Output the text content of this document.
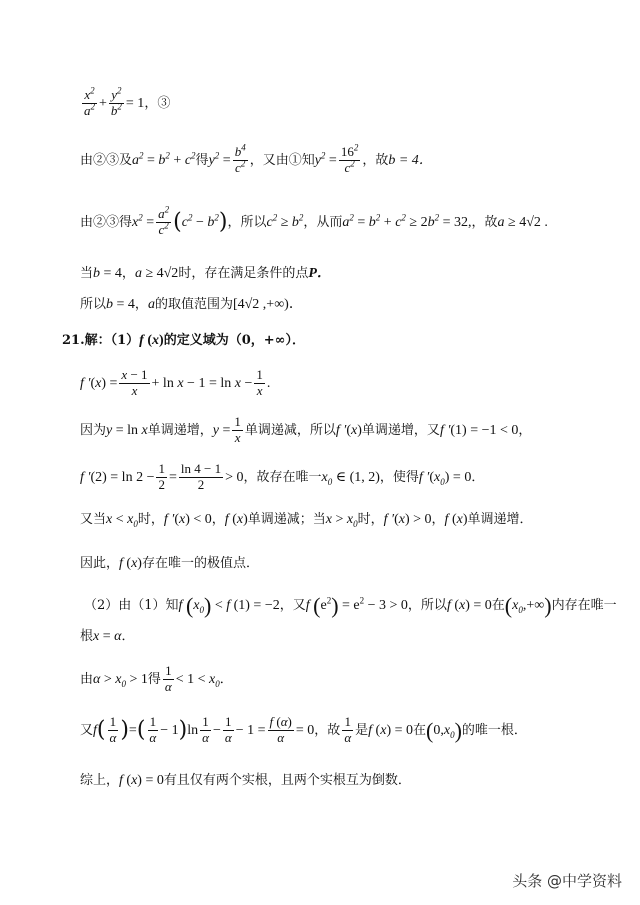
$\frac{x^2}{a^2} + \frac{y^2}{b^2} = 1$，③
由②③及$a^2 = b^2 + c^2$得$y^2 = \frac{b^4}{c^2}$ ，又由①知$y^2 = \frac{16^2}{c^2}$ ，故b = 4．
由②③得$x^2 = \frac{a^2}{c^2} (c^2 - b^2)$，所以$c^2 \ge b^2$，从而$a^2 = b^2 + c^2 \ge 2b^2 = 32$,，故a ≥ 4√2 .
当b = 4，a ≥ 4√2时，存在满足条件的点P．
所以b = 4，a的取值范围为[4√2 ,+∞)．
21.解：（1）f (x)的定义域为（0，+∞）．
f $'(x) = \frac{x - 1}{x} + \ln x - 1 = \ln x - \frac{1}{x}$ .
因为y = ln x单调递增，$y = \frac{1}{x}$ 单调递减，所以f ′(x)单调递增，又f ′(1) = −1 < 0，
f $'(2) = \ln 2 - \frac{1}{2} = \frac{\ln 4 - 1}{2} > 0$，故存在唯一$x_0$ ∈ (1, 2)，使得f $'(x_0) = 0$．
又当$x < x_0$时，f ′(x) < 0，f (x)单调递减；当$x > x_0$时，f ′(x) > 0，f (x)单调递增．
因此，f (x)存在唯一的极值点．
（2）由（1）知f $(x_0) < f$ (1) = −2，又f $(e^2) = e^2 - 3 > 0$，所以f (x) = 0在$(x_0,+\infty)$内存在唯一
根x = α．
由$\alpha > x_0 > 1$得 $\frac{1}{\alpha} < 1 < x_0$．
又$f( \frac{1}{\alpha}$ )=( $\frac{1}{\alpha} - 1)\ln \frac{1}{\alpha} - \frac{1}{\alpha} - 1 = \frac{f (\alpha)}{\alpha} = 0$，故 $\frac{1}{\alpha}$ 是f (x) = 0在$(0,x_0)$的唯一根．
综上，f (x) = 0有且仅有两个实根，且两个实根互为倒数．
头条 @中学资料
